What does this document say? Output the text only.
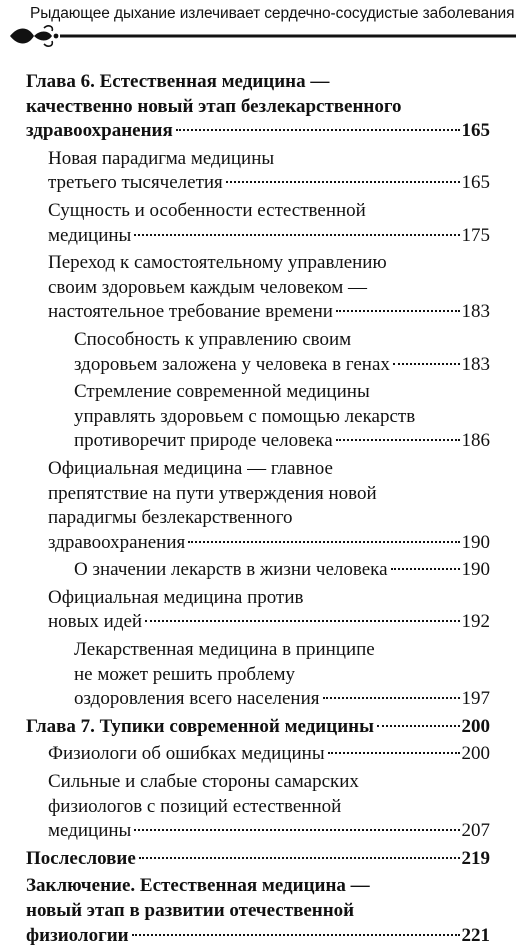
Рыдающее дыхание излечивает сердечно-сосудистые заболевания
Глава 6. Естественная медицина —
качественно новый этап безлекарственного
здравоохранения	165
Новая парадигма медицины
третьего тысячелетия	165
Сущность и особенности естественной
медицины	175
Переход к самостоятельному управлению
своим здоровьем каждым человеком —
настоятельное требование времени	183
Способность к управлению своим
здоровьем заложена у человека в генах	183
Стремление современной медицины
управлять здоровьем с помощью лекарств
противоречит природе человека	186
Официальная медицина — главное
препятствие на пути утверждения новой
парадигмы безлекарственного
здравоохранения	190
О значении лекарств в жизни человека	190
Официальная медицина против
новых идей	192
Лекарственная медицина в принципе
не может решить проблему
оздоровления всего населения	197
Глава 7. Тупики современной медицины	200
Физиологи об ошибках медицины	200
Сильные и слабые стороны самарских
физиологов с позиций естественной
медицины	207
Послесловие	219
Заключение. Естественная медицина —
новый этап в развитии отечественной
физиологии	221
